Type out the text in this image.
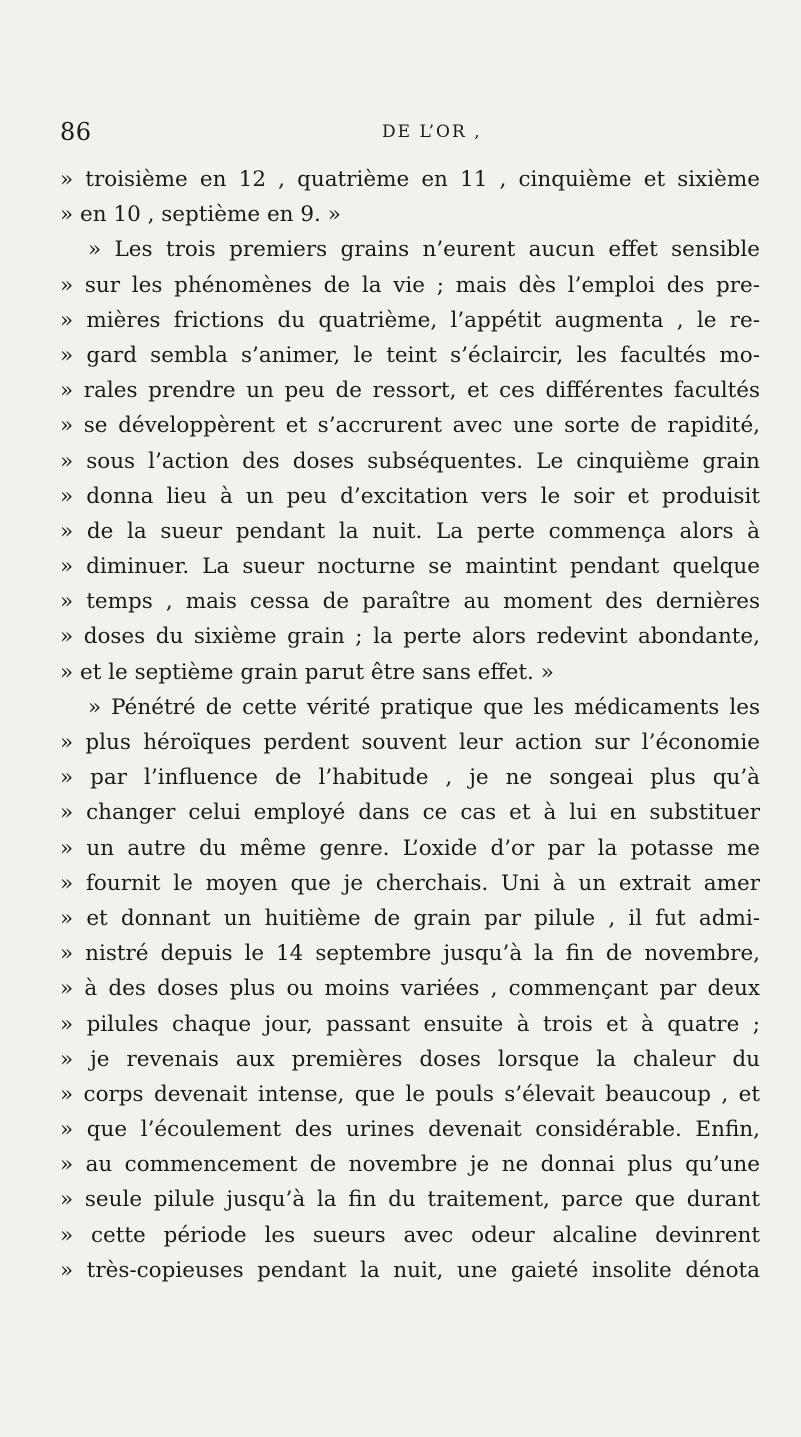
86	DE L’OR ,
» troisième en 12 , quatrième en 11 , cinquième et sixième
» en 10 , septième en 9. »
» Les trois premiers grains n’eurent aucun effet sensible
» sur les phénomènes de la vie ; mais dès l’emploi des pre-
» mières frictions du quatrième, l’appétit augmenta , le re-
» gard sembla s’animer, le teint s’éclaircir, les facultés mo-
» rales prendre un peu de ressort, et ces différentes facultés
» se développèrent et s’accrurent avec une sorte de rapidité,
» sous l’action des doses subséquentes. Le cinquième grain
» donna lieu à un peu d’excitation vers le soir et produisit
» de la sueur pendant la nuit. La perte commença alors à
» diminuer. La sueur nocturne se maintint pendant quelque
» temps , mais cessa de paraître au moment des dernières
» doses du sixième grain ; la perte alors redevint abondante,
» et le septième grain parut être sans effet. »
» Pénétré de cette vérité pratique que les médicaments les
» plus héroïques perdent souvent leur action sur l’économie
» par l’influence de l’habitude , je ne songeai plus qu’à
» changer celui employé dans ce cas et à lui en substituer
» un autre du même genre. L’oxide d’or par la potasse me
» fournit le moyen que je cherchais. Uni à un extrait amer
» et donnant un huitième de grain par pilule , il fut admi-
» nistré depuis le 14 septembre jusqu’à la fin de novembre,
» à des doses plus ou moins variées , commençant par deux
» pilules chaque jour, passant ensuite à trois et à quatre ;
» je revenais aux premières doses lorsque la chaleur du
» corps devenait intense, que le pouls s’élevait beaucoup , et
» que l’écoulement des urines devenait considérable. Enfin,
» au commencement de novembre je ne donnai plus qu’une
» seule pilule jusqu’à la fin du traitement, parce que durant
» cette période les sueurs avec odeur alcaline devinrent
» très-copieuses pendant la nuit, une gaieté insolite dénota
